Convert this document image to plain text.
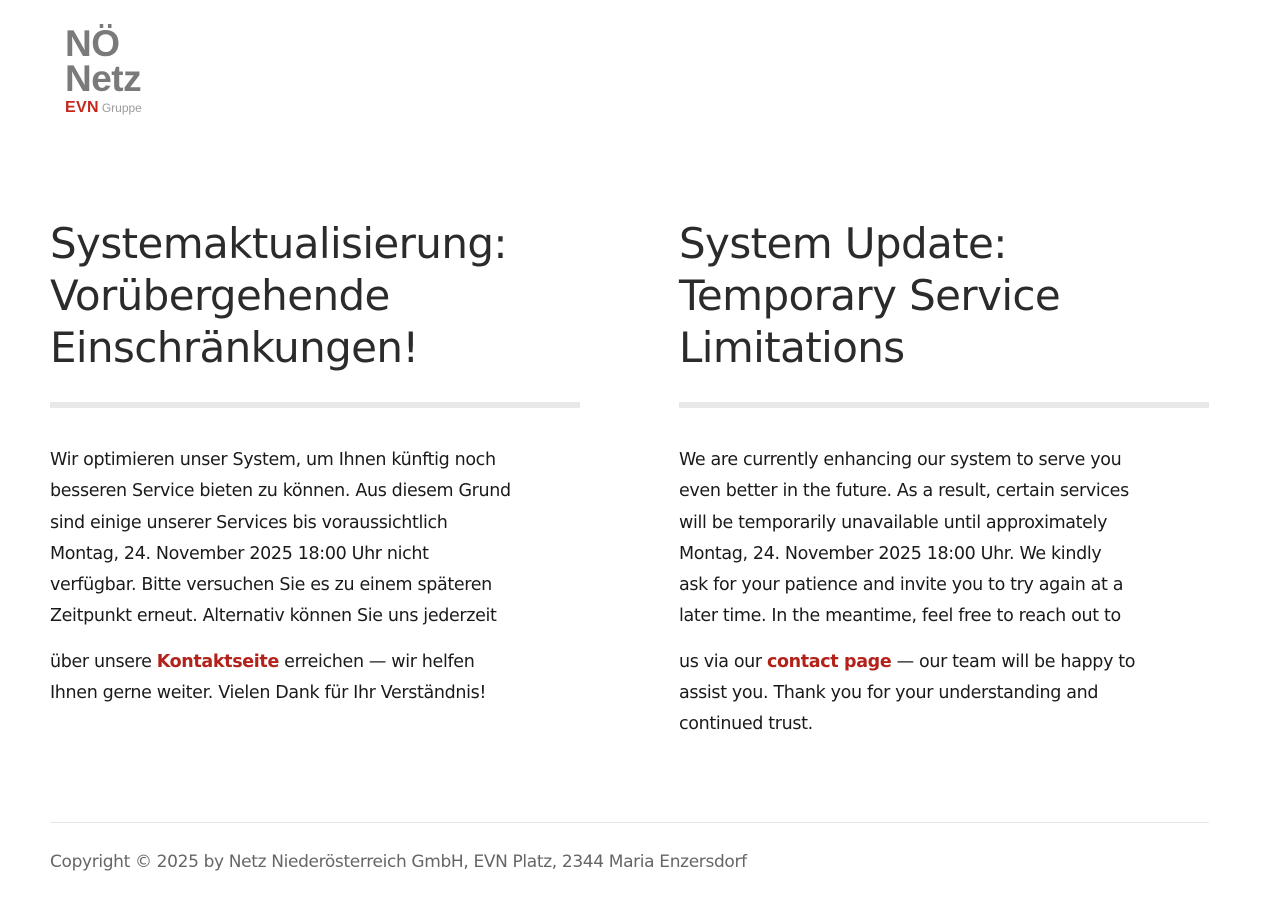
NÖ
Netz
EVN Gruppe
Systemaktualisierung:
Vorübergehende
Einschränkungen!

Wir optimieren unser System, um Ihnen künftig noch
besseren Service bieten zu können. Aus diesem Grund
sind einige unserer Services bis voraussichtlich
Montag, 24. November 2025 18:00 Uhr nicht
verfügbar. Bitte versuchen Sie es zu einem späteren
Zeitpunkt erneut. Alternativ können Sie uns jederzeit
über unsere Kontaktseite erreichen — wir helfen
Ihnen gerne weiter. Vielen Dank für Ihr Verständnis!

System Update:
Temporary Service
Limitations

We are currently enhancing our system to serve you
even better in the future. As a result, certain services
will be temporarily unavailable until approximately
Montag, 24. November 2025 18:00 Uhr. We kindly
ask for your patience and invite you to try again at a
later time. In the meantime, feel free to reach out to
us via our contact page — our team will be happy to
assist you. Thank you for your understanding and
continued trust.

Copyright © 2025 by Netz Niederösterreich GmbH, EVN Platz, 2344 Maria Enzersdorf
